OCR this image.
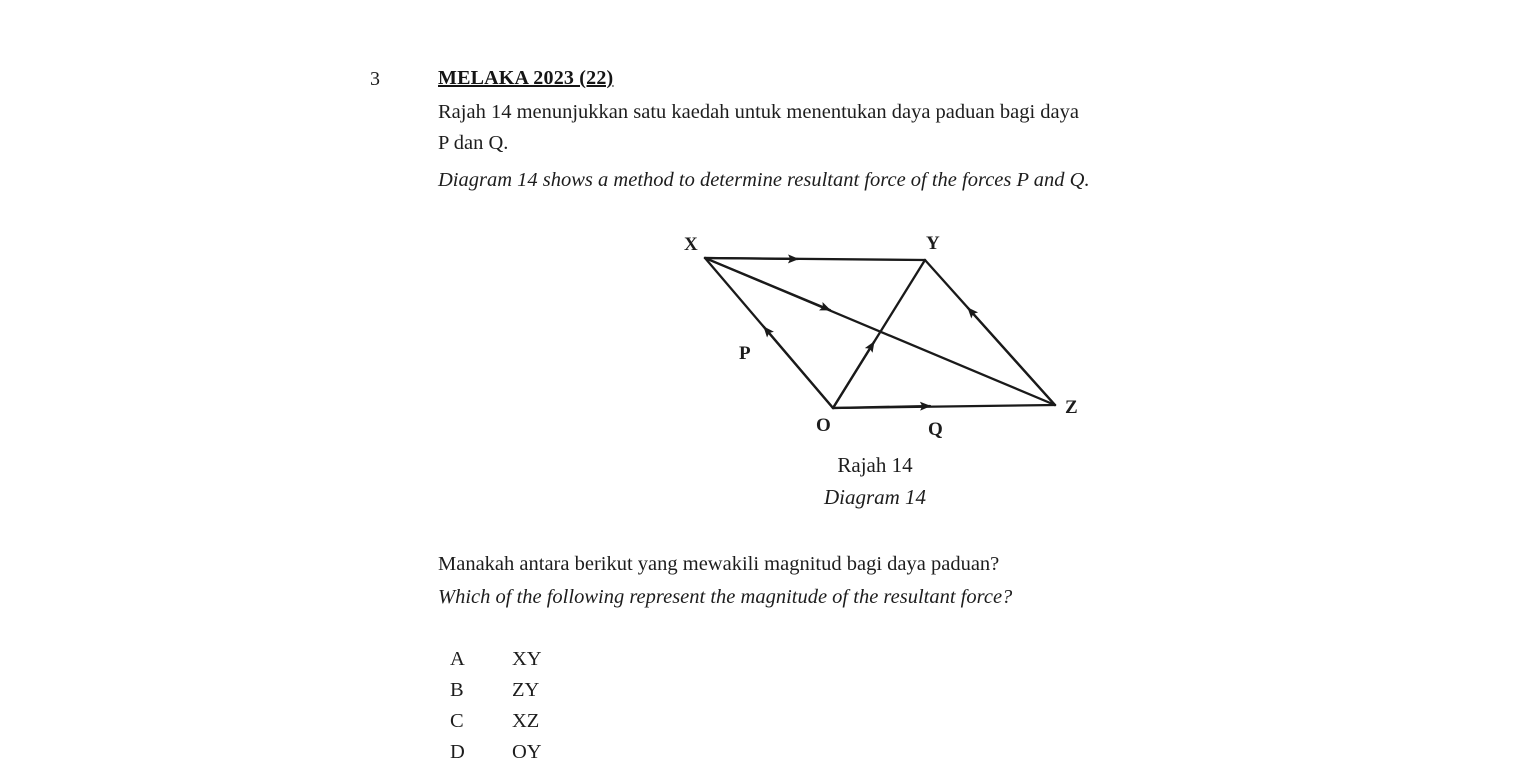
3	MELAKA 2023 (22)

Rajah 14 menunjukkan satu kaedah untuk menentukan daya paduan bagi daya

P dan Q.

Diagram 14 shows a method to determine resultant force of the forces P and Q.

X	Y
O
Z
P
Q
Rajah 14
Diagram 14

Manakah antara berikut yang mewakili magnitud bagi daya paduan?

Which of the following represent the magnitude of the resultant force?

A	XY
B	ZY
C	XZ
D	OY
